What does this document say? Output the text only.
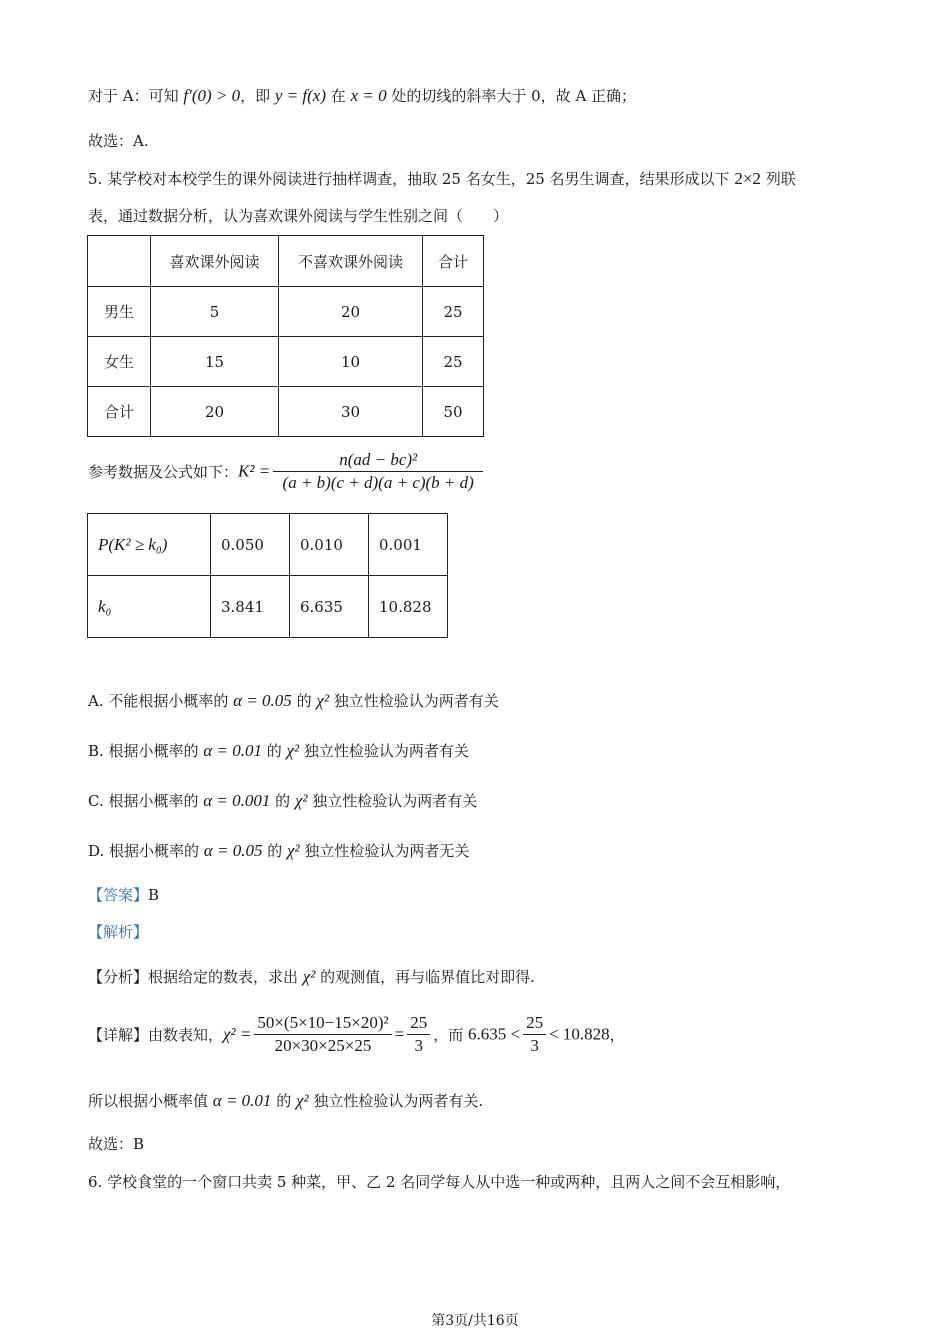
对于 A：可知 f′(0) > 0，即 y = f(x) 在 x = 0 处的切线的斜率大于 0，故 A 正确；
故选：A.
5. 某学校对本校学生的课外阅读进行抽样调查，抽取 25 名女生，25 名男生调查，结果形成以下 2×2 列联
表，通过数据分析，认为喜欢课外阅读与学生性别之间（　　）
	喜欢课外阅读	不喜欢课外阅读	合计
男生	5	20	25
女生	15	10	25
合计	20	30	50
参考数据及公式如下：$K^2 = \frac{\text{n(ad − bc)²}}{(a + b)(c + d)(a + c)(b + d)}$
P(K² ≥ k₀)	0.050	0.010	0.001
k₀	3.841	6.635	10.828
A. 不能根据小概率的 α = 0.05 的 χ² 独立性检验认为两者有关
B. 根据小概率的 α = 0.01 的 χ² 独立性检验认为两者有关
C. 根据小概率的 α = 0.001 的 χ² 独立性检验认为两者有关
D. 根据小概率的 α = 0.05 的 χ² 独立性检验认为两者无关
【答案】B
【解析】
【分析】根据给定的数表，求出 χ² 的观测值，再与临界值比对即得.
【详解】由数表知，$\chi^2 = \frac{\text{50×(5×10−15×20)²}}{20\times 30\times 25\times 25} = \frac{25}{3}$ ，而 $6.635 < \frac{25}{3} < 10.828$，
所以根据小概率值 α = 0.01 的 χ² 独立性检验认为两者有关.
故选：B
6. 学校食堂的一个窗口共卖 5 种菜，甲、乙 2 名同学每人从中选一种或两种，且两人之间不会互相影响，
第3页/共16页
